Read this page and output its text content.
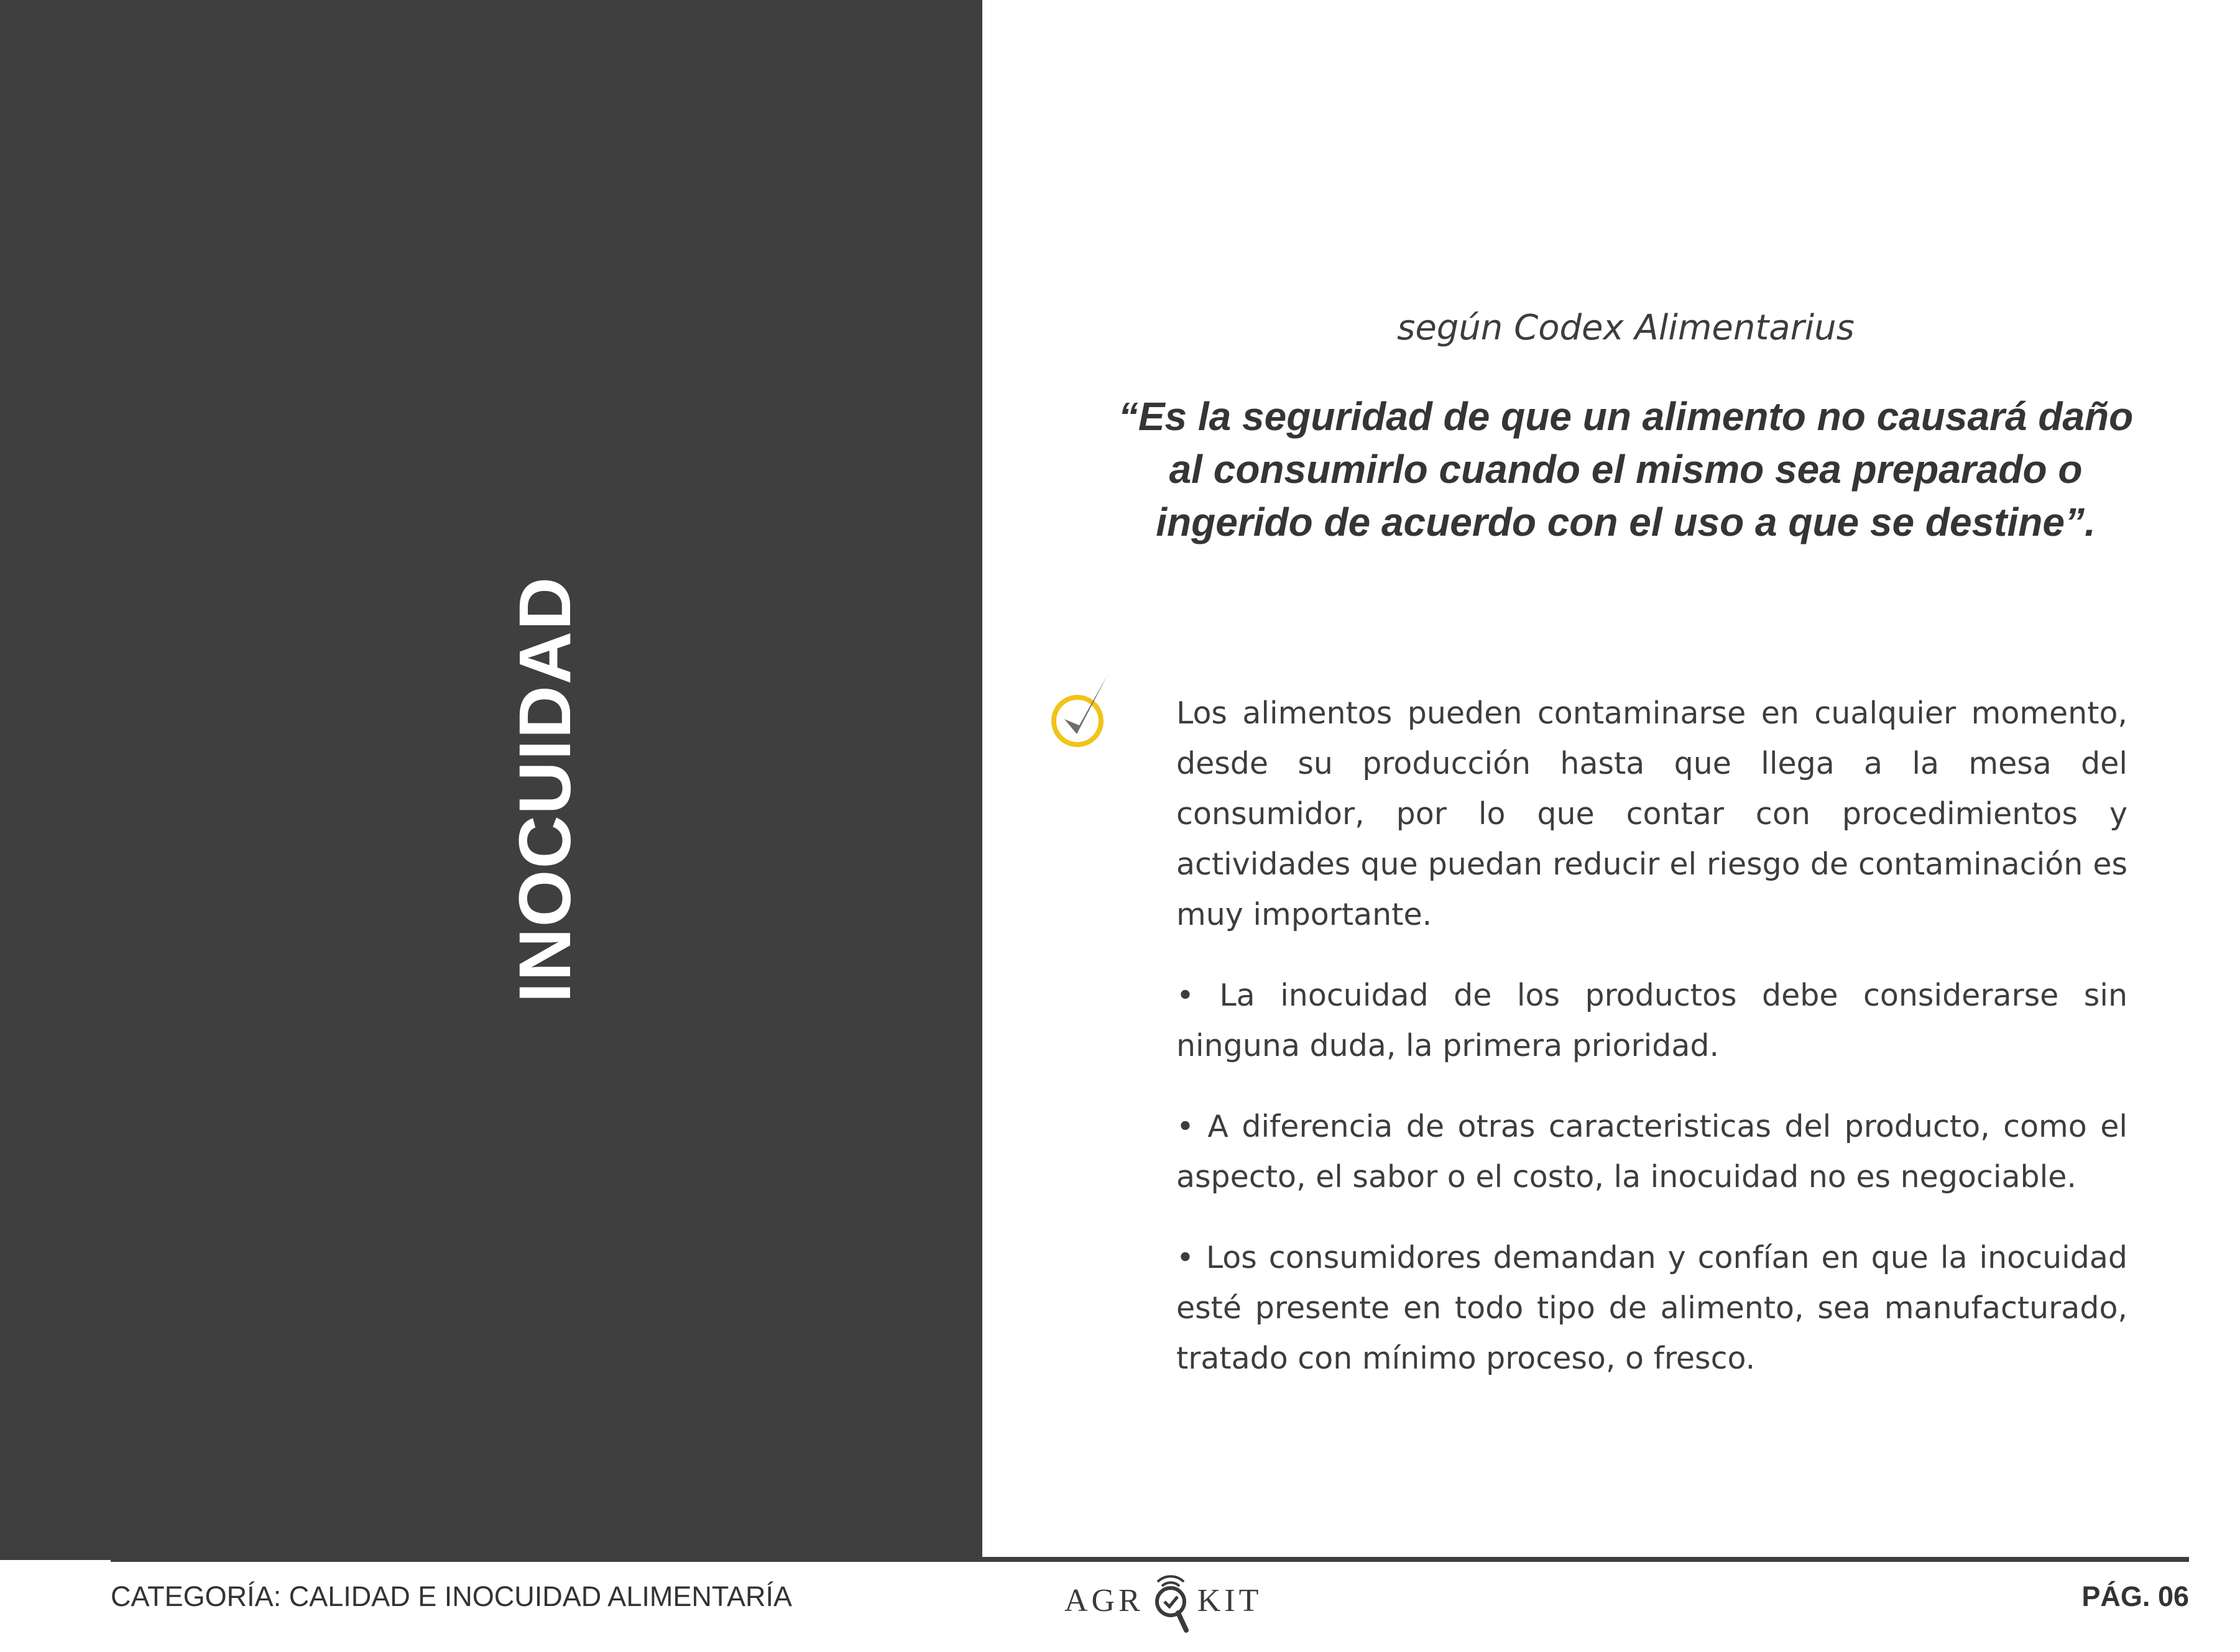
INOCUIDAD
según Codex Alimentarius
“Es la seguridad de que un alimento no causará daño al consumirlo cuando el mismo sea preparado o ingerido de acuerdo con el uso a que se destine”.

Los alimentos pueden contaminarse en cualquier momento, desde su producción hasta que llega a la mesa del consumidor, por lo que contar con procedimientos y actividades que puedan reducir el riesgo de contaminación es muy importante.

• La inocuidad de los productos debe considerarse sin ninguna duda, la primera prioridad.

• A diferencia de otras caracteristicas del producto, como el aspecto, el sabor o el costo, la inocuidad no es negociable.

• Los consumidores demandan y confían en que la inocuidad esté presente en todo tipo de alimento, sea manufacturado, tratado con mínimo proceso, o fresco.

CATEGORÍA: CALIDAD E INOCUIDAD ALIMENTARÍA	AGR KIT	PÁG. 06
